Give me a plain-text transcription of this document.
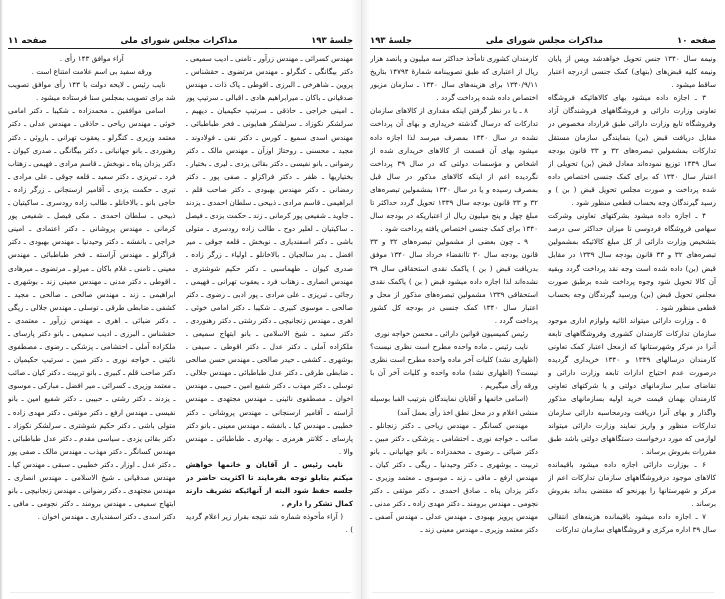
جلسهٔ ۱۹۳
مذاکرات مجلس شورای ملی
صفحه ۱۱

مهندس کسرائی ـ مهندس زرآور ـ تامنی ـ ادیب سمیعی ـ دکتر بیگانگی ـ کنگرلو ـ مهندس مرتضوی ـ حقشناس ـ پروین ـ شاهرخی ـ البرزی ـ اقوطی ـ پاک ذات ـ مهندس صدقیانی ـ باکان ـ میرابراهیم هادی ـ اقبالی ـ سرتیپ پور ـ امینی خراجی ـ حاذقی ـ سرتیپ حکیمیان ـ دیهیم ـ سرلشکر نکوزاد ـ سرلشکر همایونی ـ فخر طباطبائی ـ مهندس اسدی سمیع ـ کورس ـ دکتر نفی ـ فولادوند ـ مجید ـ محسنی ـ روحتاژ اوزآن ـ مهندس مالک ـ دکتر رضوانی ـ بانو نفیسی ـ دکتر بقائی یزدی ـ لیری ـ بختیار ـ بختیاریها ـ ظفر ـ دکتر فراکزلو ـ صفی پور ـ دکتر رمضانی ـ دکتر مهندس بهبودی ـ دکتر صاحب قلم ـ ابراهیمی ـ قاسم مرادی ـ ذبیحی ـ سلطان احمدی ـ یزدند ـ جاوید ـ شفیعی پور کرمانی ـ زند ـ حکمت یزدی ـ فیصل ـ ساکیتیان ـ لعلیر دوح ـ طالب زاده رودسری ـ متولی باشی ـ دکتر اسفندیاری ـ نوبخش ـ قلعه جوقی ـ میر افضل ـ بدر سالجیان ـ بالاخانلو ـ اولیاء ـ زرگر زاده ـ صدری کیوان ـ طهماسبی ـ دکتر حکیم شوشتری ـ مهندس انصاری ـ زهتاب فرد ـ یعقوب تهرانی ـ فهیمی ـ رجائی ـ تبریزی ـ علی مرادی ـ پور ادبی ـ رضوی ـ دکتر صالحی ـ موسوی کبیری ـ شکیبا ـ دکتر امامی خوئی ـ اهری ـ مهندس زنجانیچی ـ دکتر رشتی ـ دکتر رهنوردی ـ دکتر سعید ـ شیخ الاسلامی ـ بانو ابتهاج سمیعی ـ ملکزاده آملی ـ دکتر عدل ـ دکتر اقوطی ـ سیفی ـ بوشهری ـ کشفی ـ حیدر صالحی ـ مهندس حسن صالحی ـ ضابطی طرقی ـ دکتر عدل طباطبائی ـ مهندس جلالی ـ توسلی ـ دکتر مهذب ـ دکتر شفیع امین ـ حبیبی ـ مهندس اخوان ـ مصطفوی نائینی ـ مهندس مجتهدی ـ مهندس آراسته ـ آقامیر ارسنجانی ـ مهندس پروشانی ـ دکتر خطیبی ـ مهندس کیا ـ بانفشه ـ مهندس معینی ـ بانو دکتر پارسای ـ کلانتر هرمزی ـ بهادری ـ طباطبائی ـ مهندس والا .

نایب رئیس ـ از آقایان و خانمها خواهش میکنم بتابلو توجه بفرمایند تا اکثریت حاضر در جلسه حفظ شود البته از آنهائیکه تشریف دارند کمال تشکر را دارم .

( آراء مأخوذه شماره شد نتیجه بقرار زیر اعلام گردید ) .

آراء موافق ۱۴۳ رأی .

ورقه سفید بی اسم علامت امتناع است .

نایب رئیس ـ لایحه دولت با ۱۴۳ رأی موافق تصویب شد برای تصویب بمجلس سنا فرستاده میشود .

اسامی موافقین ـ محمدزاده ـ شکیبا ـ دکتر امامی خوئی ـ مهندس ریاحی ـ حاذقی ـ مهندس عدلی ـ دکتر معتمد وزیری ـ کنگرلو ـ یعقوب تهرانی ـ باروئی ـ دکتر رهنوردی ـ بانو جهانبانی ـ دکتر بیگانگی ـ صدری کیوان ـ دکتر یزدان پناه ـ نوبخش ـ قاسم مرادی ـ فهیمی ـ زهتاب فرد ـ تبریزی ـ دکتر سعید ـ قلعه جوقی ـ علی مرادی ـ تبری ـ حکمت یزدی ـ آقامیر ارسنجانی ـ زرگر زاده ـ حاجی بانو ـ بالاخانلو ـ طالب زاده رودسری ـ ساکیتیان ـ ذبیحی ـ سلطان احمدی ـ مکی فیصل ـ شفیعی پور کرمانی ـ مهندس پروشانی ـ دکتر اعتمادی ـ امینی خراجی ـ بانفشه ـ دکتر وحیدنیا ـ مهندس بهبودی ـ دکتر قراگزلو ـ مهندس آراسته ـ فخر طباطبائی ـ مهندس معینی ـ تامنی ـ غلام باکان ـ میرلو ـ مرتضوی ـ میرهادی ـ اقوطی ـ دکتر مدنی ـ مهندس معینی زند ـ بوشهری ـ ابراهیمی ـ زند ـ مهندس صالحی ـ صالحی ـ مجید ـ کشفی ـ ضابطی طرقی ـ توسلی ـ مهندس جلالی ـ ریگی ـ دکتر ضیائی ـ اهری ـ مهندس زرآور ـ معتمدی ـ حقشناس ـ البرزی ـ ادیب سمیعی ـ بانو دکتر پارسای ـ ملکزاده آملی ـ احتشامی ـ پزشکی ـ رضوی ـ مصطفوی نائینی ـ خواجه نوری ـ دکتر مبین ـ سرتیپ حکیمیان ـ دکتر صاحب قلم ـ کبیری ـ بانو تربیت ـ دکتر کیان ـ صائب ـ معتمد وزیری ـ کسرائی ـ میر افضل ـ مبارکی ـ موسوی ـ یزدند ـ دکتر رشتی ـ حبیبی ـ دکتر شفیع امین ـ بانو نفیسی ـ مهندس ارفع ـ دکتر موثقی ـ دکتر مهدی زاده ـ متولی باشی ـ دکتر حکیم شوشتری ـ سرلشکر نکوزاد ـ دکتر بقائی یزدی ـ سیاسی مقدم ـ دکتر عدل طباطبائی ـ مهندس کسانگر ـ دکتر مهذب ـ مهندس مالک ـ صفی پور ـ دکتر عدل ـ اوزار ـ دکتر خطیبی ـ سبقی ـ مهندس کیا ـ مهندس صدقیانی ـ شیخ الاسلامی ـ مهندس انصاری ـ مهندس مجتهدی ـ دکتر رضوانی ـ مهندس زنجانیچی ـ بانو ابتهاج سمیعی ـ مهندس برومند ـ دکتر نجومی ـ مافی ـ دکتر اسدی ـ دکتر اسفندیاری ـ مهندس اخوان .

صفحه ۱۰
مذاکرات مجلس شورای ملی
جلسهٔ ۱۹۳

ونیمه سال ۱۳۴۰ جنس تحویل خواهدشد وپس از پایان ونیمه کلیه قبض‌های (بنهای) کمک جنسی ازدرجه اعتبار ساقط میشود .

۳ ـ اجازه داده میشود بهای کالاهائیکه فروشگاه تعاونی وزارت دارائی و فروشگاههای فروشندگان آزاد وفروشگاه تابع وزارت دارائی طبق قرارداد مخصوص در مقابل دریافت قبض (بن) بنمایندگی سازمان مستقل تدارکات بمشمولین تبصره‌های ۳۲ و ۳۳ قانون بودجه سال ۱۳۳۹ توزیع نموده‌اند معادل قبض (بن) تحویلی از اعتبار سال ۱۳۴۰ که برای کمک جنسی اختصاص داده شده پرداخت و صورت مجلس تحویل قبض ( بن ) و رسید گیرندگان وجه بحساب قطعی منظور شود .

۴ ـ اجازه داده میشود بشرکتهای تعاونی وشرکت سهامی فروشگاه فردوسی تا میزان حداکثر سی درصد بتشخیص وزارت دارائی از کل مبلغ کالائیکه بمشمولین تبصره‌های ۳۲ و ۳۳ قانون بودجه سال ۱۳۳۹ در مقابل قبض (بن) داده شده است وجه نقد پرداخت گردد وبقیه آن کالا تحویل شود وجوه پرداخت شده برطبق صورت مجلس تحویل قبض (بن) ورسید گیرندگان وجه بحساب قطعی منظور شود .

۵ ـ وزارت دارائی میتواند اثاثیه ولوازم اداری موجود سازمان تدارکات کارمندان کشوری وفروشگاههای تابعه آنرا در مرکز وشهرستانها که ازمحل اعتبار کمک تعاونی کارمندان درسالهای ۱۳۳۹ و ۱۳۴۰ خریداری گردیده درصورت عدم احتیاج ادارات تابعه وزارت دارائی و تقاضای سایر سازمانهای دولتی و یا شرکتهای تعاونی کارمندان بهمان قیمت خرید اولیه بسازمانهای مذکور واگذار و بهای آنرا دریافت ودرمحاسبه دارائی سازمان تدارکات منظور و واریز نمایند وزارت دارائی میتواند لوازمی که مورد درخواست دستگاههای دولتی باشد طبق مقررات بفروش برساند .

۶ ـ بوزارت دارائی اجازه داده میشود باقیمانده کالاهای موجود درفروشگاههای سازمان تدارکات اعم از مرکز و شهرستانها را بهرنحو که مقتضی بداند بفروش برساند .

۷ ـ اجازه داده میشود باقیمانده هزینه‌های انتقالی سال ۳۹ اداره مرکزی و فروشگاههای سازمان تدارکات

کارمندان کشوری تامأخذ حداکثر سه میلیون و پانصد هزار ریال از اعتباری که طبق تصویبنامه شمارهٔ ۱۴۷۹۴ بتاریخ ۱۳۴۰/۹/۱۱ برای هزینه‌های سال ۱۳۴۰ ـ سازمان مزبور اختصاص داده شده پرداخت گردد .

۸ ـ با در نظر گرفتن اینکه مقداری از کالاهای سازمان تدارکات که درسال گذشته خریداری و بهای آن پرداخت نشده در سال ۱۳۴۰ بمصرف میرسد لذا اجازه داده میشود بهای آن قسمت از کالاهای خریداری شده از اشخاص و مؤسسات دولتی که در سال ۳۹ پرداخت نگردیده اعم از اینکه کالاهای مذکور در سال قبل بمصرف رسیده و یا در سال ۱۳۴۰ بمشمولین تبصره‌های ۳۲ و ۳۳ قانون بودجه سال ۱۳۳۹ تحویل گردد حداکثر تا مبلغ چهل و پنج میلیون ریال از اعتباریکه در بودجه سال ۱۳۴۰ برای کمک جنسی اختصاص یافته پرداخت شود .

۹ ـ چون بعضی از مشمولین تبصره‌های ۳۲ و ۳۳ قانون بودجه سال ۳۰ تاانقضاء خرداد سال ۱۳۴۰ موفق بدریافت قبض ( بن ) یاکمک نقدی استحقاقی سال ۳۹ نشده‌اند لذا اجازه داده میشود قبض ( بن ) یاکمک نقدی استحقاقی ۱۳۳۹ مشمولین تبصره‌های مذکور از محل و اعتبار سال ۱۳۴۰ کمک جنسی در بودجه کل کشور پرداخت گردد .

رئیس کمیسیون قوانین دارائی ـ محسن خواجه نوری

نایب رئیس ـ ماده واحده مطرح است نظری نیست؟ (اظهاری نشد) کلیات آخر ماده واحده مطرح است نظری نیست؟ (اظهاری نشد) ماده واحده و کلیات آخر آن با ورقه رأی میگیریم .

(اسامی خانمها و آقایان نمایندگان بترتیب الفبا بوسیله منشی اعلام و در محل نطق اخذ رأی بعمل آمد)

مهندس کسانگر ـ مهندس ریاحی ـ دکتر زنجانلو ـ صائب ـ خواجه نوری ـ احتشامی ـ پزشکی ـ دکتر مبین ـ دکتر ضیائی ـ رضوی ـ محمدزاده ـ بانو جهانبانی ـ بانو تربیت ـ بوشهری ـ دکتر وحیدنیا ـ ریگی ـ دکتر کیان ـ مهندس ارفع ـ مافی ـ زند ـ موسوی ـ معتمد وزیری ـ دکتر یزدان پناه ـ صادق احمدی ـ دکتر موثقی ـ دکتر نجومی ـ مهندس برومند ـ دکتر مهدی زاده ـ دکتر مدنی ـ مهندس پرویز بهبودی ـ مهندس عدلی ـ مهندس آصفی ـ دکتر معتمد وزیری ـ مهندس معینی زند ـ
